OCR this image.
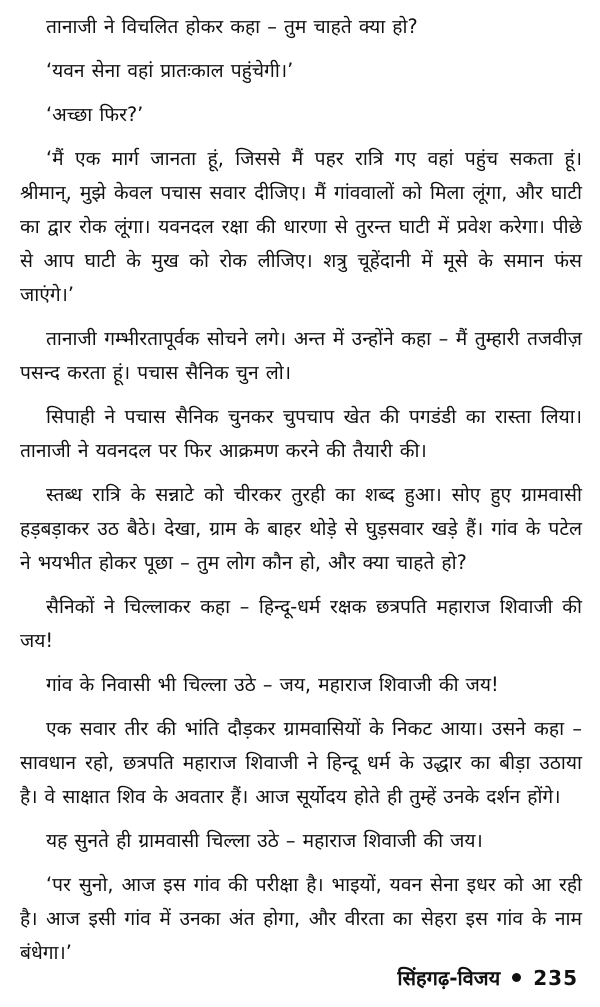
तानाजी ने विचलित होकर कहा – तुम चाहते क्या हो?

‘यवन सेना वहां प्रातःकाल पहुंचेगी।’

‘अच्छा फिर?’

‘मैं एक मार्ग जानता हूं, जिससे मैं पहर रात्रि गए वहां पहुंच सकता हूं। श्रीमान्, मुझे केवल पचास सवार दीजिए। मैं गांववालों को मिला लूंगा, और घाटी का द्वार रोक लूंगा। यवनदल रक्षा की धारणा से तुरन्त घाटी में प्रवेश करेगा। पीछे से आप घाटी के मुख को रोक लीजिए। शत्रु चूहेंदानी में मूसे के समान फंस जाएंगे।’

तानाजी गम्भीरतापूर्वक सोचने लगे। अन्त में उन्होंने कहा – मैं तुम्हारी तजवीज़ पसन्द करता हूं। पचास सैनिक चुन लो।

सिपाही ने पचास सैनिक चुनकर चुपचाप खेत की पगडंडी का रास्ता लिया। तानाजी ने यवनदल पर फिर आक्रमण करने की तैयारी की।

स्तब्ध रात्रि के सन्नाटे को चीरकर तुरही का शब्द हुआ। सोए हुए ग्रामवासी हड़बड़ाकर उठ बैठे। देखा, ग्राम के बाहर थोड़े से घुड़सवार खड़े हैं। गांव के पटेल ने भयभीत होकर पूछा – तुम लोग कौन हो, और क्या चाहते हो?

सैनिकों ने चिल्लाकर कहा – हिन्दू-धर्म रक्षक छत्रपति महाराज शिवाजी की जय!

गांव के निवासी भी चिल्ला उठे – जय, महाराज शिवाजी की जय!

एक सवार तीर की भांति दौड़कर ग्रामवासियों के निकट आया। उसने कहा – सावधान रहो, छत्रपति महाराज शिवाजी ने हिन्दू धर्म के उद्धार का बीड़ा उठाया है। वे साक्षात शिव के अवतार हैं। आज सूर्योदय होते ही तुम्हें उनके दर्शन होंगे।

यह सुनते ही ग्रामवासी चिल्ला उठे – महाराज शिवाजी की जय।

‘पर सुनो, आज इस गांव की परीक्षा है। भाइयों, यवन सेना इधर को आ रही है। आज इसी गांव में उनका अंत होगा, और वीरता का सेहरा इस गांव के नाम बंधेगा।’

सिंहगढ़-विजय 235
